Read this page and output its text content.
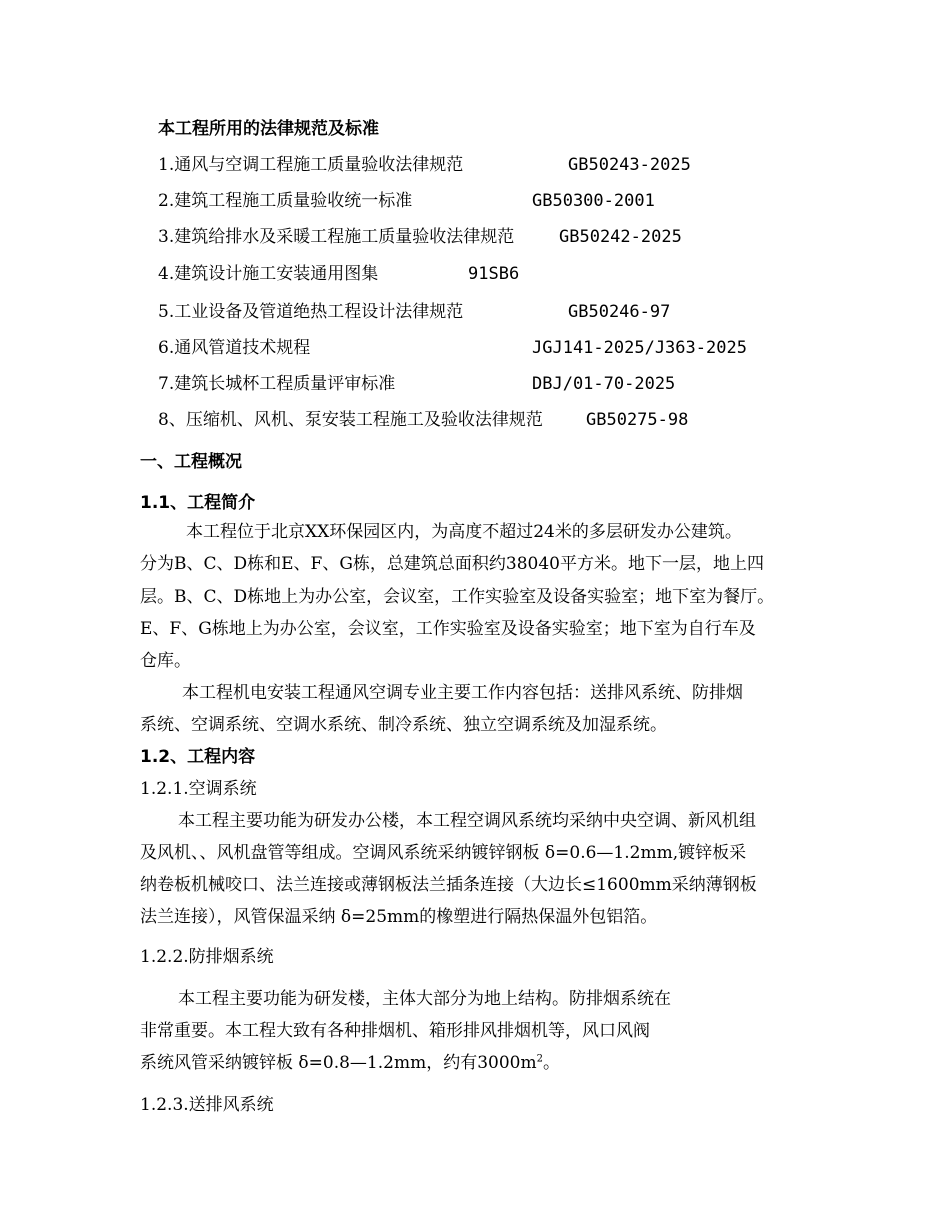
本工程所用的法律规范及标准
1.通风与空调工程施工质量验收法律规范	GB50243-2025
2.建筑工程施工质量验收统一标准	GB50300-2001
3.建筑给排水及采暖工程施工质量验收法律规范	GB50242-2025
4.建筑设计施工安装通用图集	91SB6
5.工业设备及管道绝热工程设计法律规范	GB50246-97
6.通风管道技术规程	JGJ141-2025/J363-2025
7.建筑长城杯工程质量评审标准	DBJ/01-70-2025
8、压缩机、风机、泵安装工程施工及验收法律规范	GB50275-98
一、工程概况
1.1、工程简介
本工程位于北京XX环保园区内，为高度不超过24米的多层研发办公建筑。
分为B、C、D栋和E、F、G栋，总建筑总面积约38040平方米。地下一层，地上四
层。B、C、D栋地上为办公室，会议室，工作实验室及设备实验室；地下室为餐厅。
E、F、G栋地上为办公室，会议室，工作实验室及设备实验室；地下室为自行车及
仓库。
本工程机电安装工程通风空调专业主要工作内容包括：送排风系统、防排烟
系统、空调系统、空调水系统、制冷系统、独立空调系统及加湿系统。
1.2、工程内容
1.2.1.空调系统
本工程主要功能为研发办公楼，本工程空调风系统均采纳中央空调、新风机组
及风机、、风机盘管等组成。空调风系统采纳镀锌钢板 δ=0.6—1.2mm,镀锌板采
纳卷板机械咬口、法兰连接或薄钢板法兰插条连接（大边长≤1600mm采纳薄钢板
法兰连接），风管保温采纳 δ=25mm的橡塑进行隔热保温外包铝箔。
1.2.2.防排烟系统
本工程主要功能为研发楼，主体大部分为地上结构。防排烟系统在
非常重要。本工程大致有各种排烟机、箱形排风排烟机等，风口风阀
系统风管采纳镀锌板 δ=0.8—1.2mm，约有$3000m^2$。
1.2.3.送排风系统
